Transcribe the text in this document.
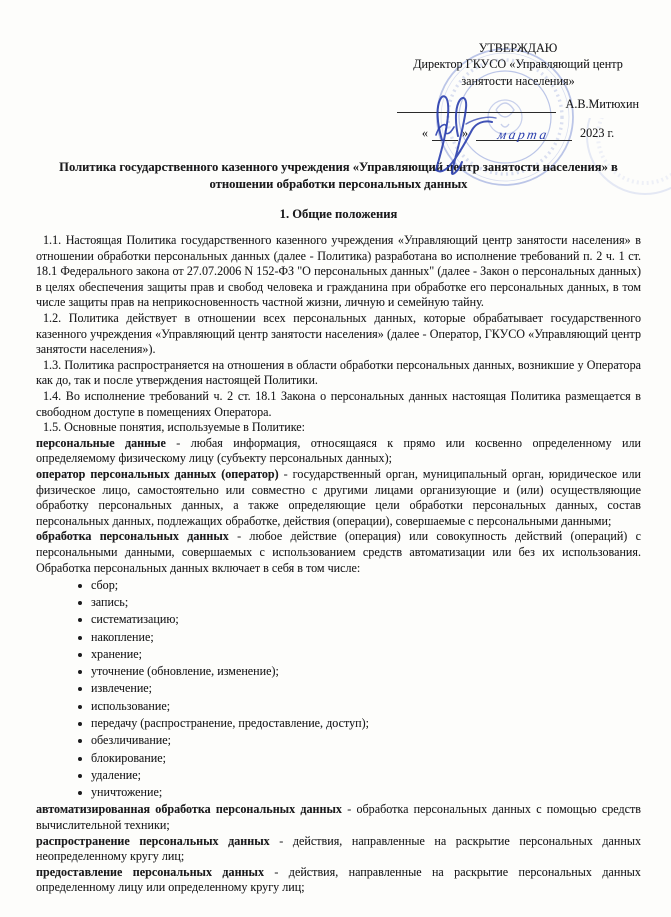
УТВЕРЖДАЮ
Директор ГКУСО «Управляющий центр занятости населения»
А.В.Митюхин
«	»	марта	2023 г.
Политика государственного казенного учреждения «Управляющий центр занятости населения» в отношении обработки персональных данных
1. Общие положения

1.1. Настоящая Политика государственного казенного учреждения «Управляющий центр занятости населения» в отношении обработки персональных данных (далее - Политика) разработана во исполнение требований п. 2 ч. 1 ст. 18.1 Федерального закона от 27.07.2006 N 152-ФЗ "О персональных данных" (далее - Закон о персональных данных) в целях обеспечения защиты прав и свобод человека и гражданина при обработке его персональных данных, в том числе защиты прав на неприкосновенность частной жизни, личную и семейную тайну.

1.2. Политика действует в отношении всех персональных данных, которые обрабатывает государственного казенного учреждения «Управляющий центр занятости населения» (далее - Оператор, ГКУСО «Управляющий центр занятости населения»).

1.3. Политика распространяется на отношения в области обработки персональных данных, возникшие у Оператора как до, так и после утверждения настоящей Политики.

1.4. Во исполнение требований ч. 2 ст. 18.1 Закона о персональных данных настоящая Политика размещается в свободном доступе в помещениях Оператора.

1.5. Основные понятия, используемые в Политике:

персональные данные - любая информация, относящаяся к прямо или косвенно определенному или определяемому физическому лицу (субъекту персональных данных);

оператор персональных данных (оператор) - государственный орган, муниципальный орган, юридическое или физическое лицо, самостоятельно или совместно с другими лицами организующие и (или) осуществляющие обработку персональных данных, а также определяющие цели обработки персональных данных, состав персональных данных, подлежащих обработке, действия (операции), совершаемые с персональными данными;

обработка персональных данных - любое действие (операция) или совокупность действий (операций) с персональными данными, совершаемых с использованием средств автоматизации или без их использования. Обработка персональных данных включает в себя в том числе:

сбор;
запись;
систематизацию;
накопление;
хранение;
уточнение (обновление, изменение);
извлечение;
использование;
передачу (распространение, предоставление, доступ);
обезличивание;
блокирование;
удаление;
уничтожение;

автоматизированная обработка персональных данных - обработка персональных данных с помощью средств вычислительной техники;

распространение персональных данных - действия, направленные на раскрытие персональных данных неопределенному кругу лиц;

предоставление персональных данных - действия, направленные на раскрытие персональных данных определенному лицу или определенному кругу лиц;
